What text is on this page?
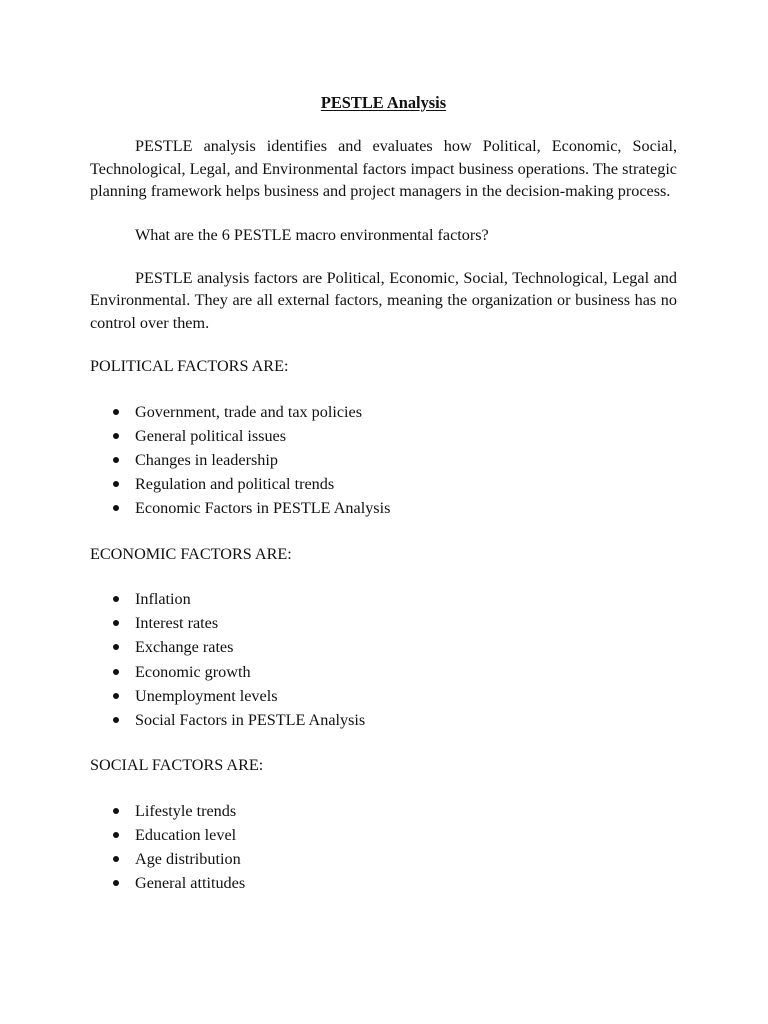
PESTLE Analysis

PESTLE analysis identifies and evaluates how Political, Economic, Social, Technological, Legal, and Environmental factors impact business operations. The strategic planning framework helps business and project managers in the decision-making process.

What are the 6 PESTLE macro environmental factors?

PESTLE analysis factors are Political, Economic, Social, Technological, Legal and Environmental. They are all external factors, meaning the organization or business has no control over them.

POLITICAL FACTORS ARE:
Government, trade and tax policies
General political issues
Changes in leadership
Regulation and political trends
Economic Factors in PESTLE Analysis
ECONOMIC FACTORS ARE:
Inflation
Interest rates
Exchange rates
Economic growth
Unemployment levels
Social Factors in PESTLE Analysis
SOCIAL FACTORS ARE:
Lifestyle trends
Education level
Age distribution
General attitudes
